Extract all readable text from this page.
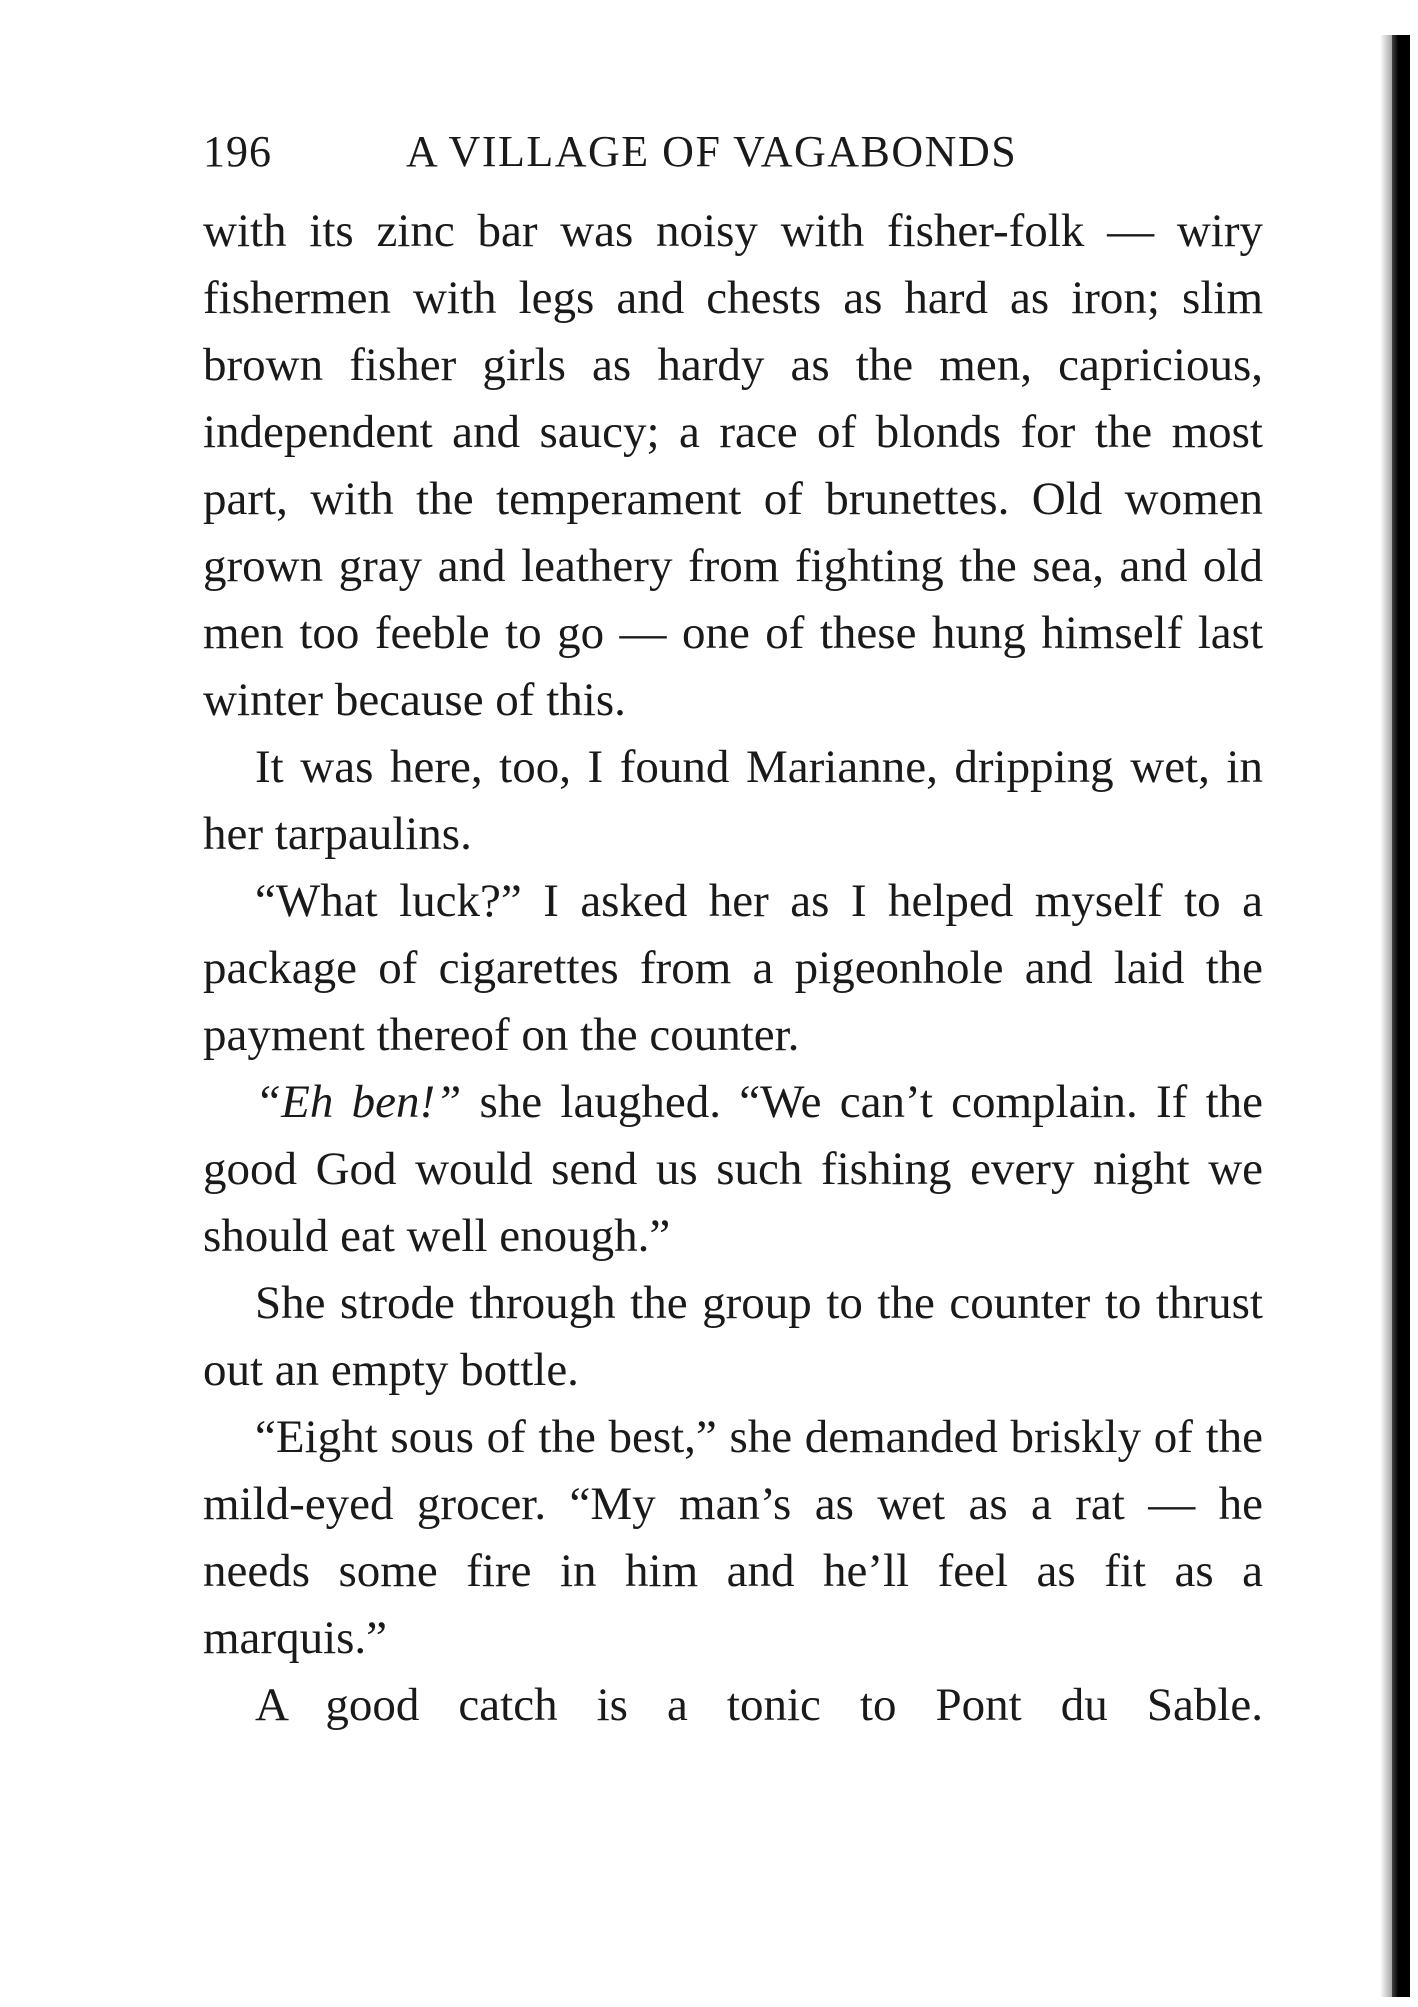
196	A VILLAGE OF VAGABONDS

with its zinc bar was noisy with fisher-folk — wiry fishermen with legs and chests as hard as iron; slim brown fisher girls as hardy as the men, capricious, independent and saucy; a race of blonds for the most part, with the temperament of brunettes. Old women grown gray and leathery from fighting the sea, and old men too feeble to go — one of these hung himself last winter because of this.

It was here, too, I found Marianne, dripping wet, in her tarpaulins.

“What luck?” I asked her as I helped myself to a package of cigarettes from a pigeonhole and laid the payment thereof on the counter.

“Eh ben!” she laughed. “We can’t complain. If the good God would send us such fishing every night we should eat well enough.”

She strode through the group to the counter to thrust out an empty bottle.

“Eight sous of the best,” she demanded briskly of the mild-eyed grocer. “My man’s as wet as a rat — he needs some fire in him and he’ll feel as fit as a marquis.”

A good catch is a tonic to Pont du Sable.
